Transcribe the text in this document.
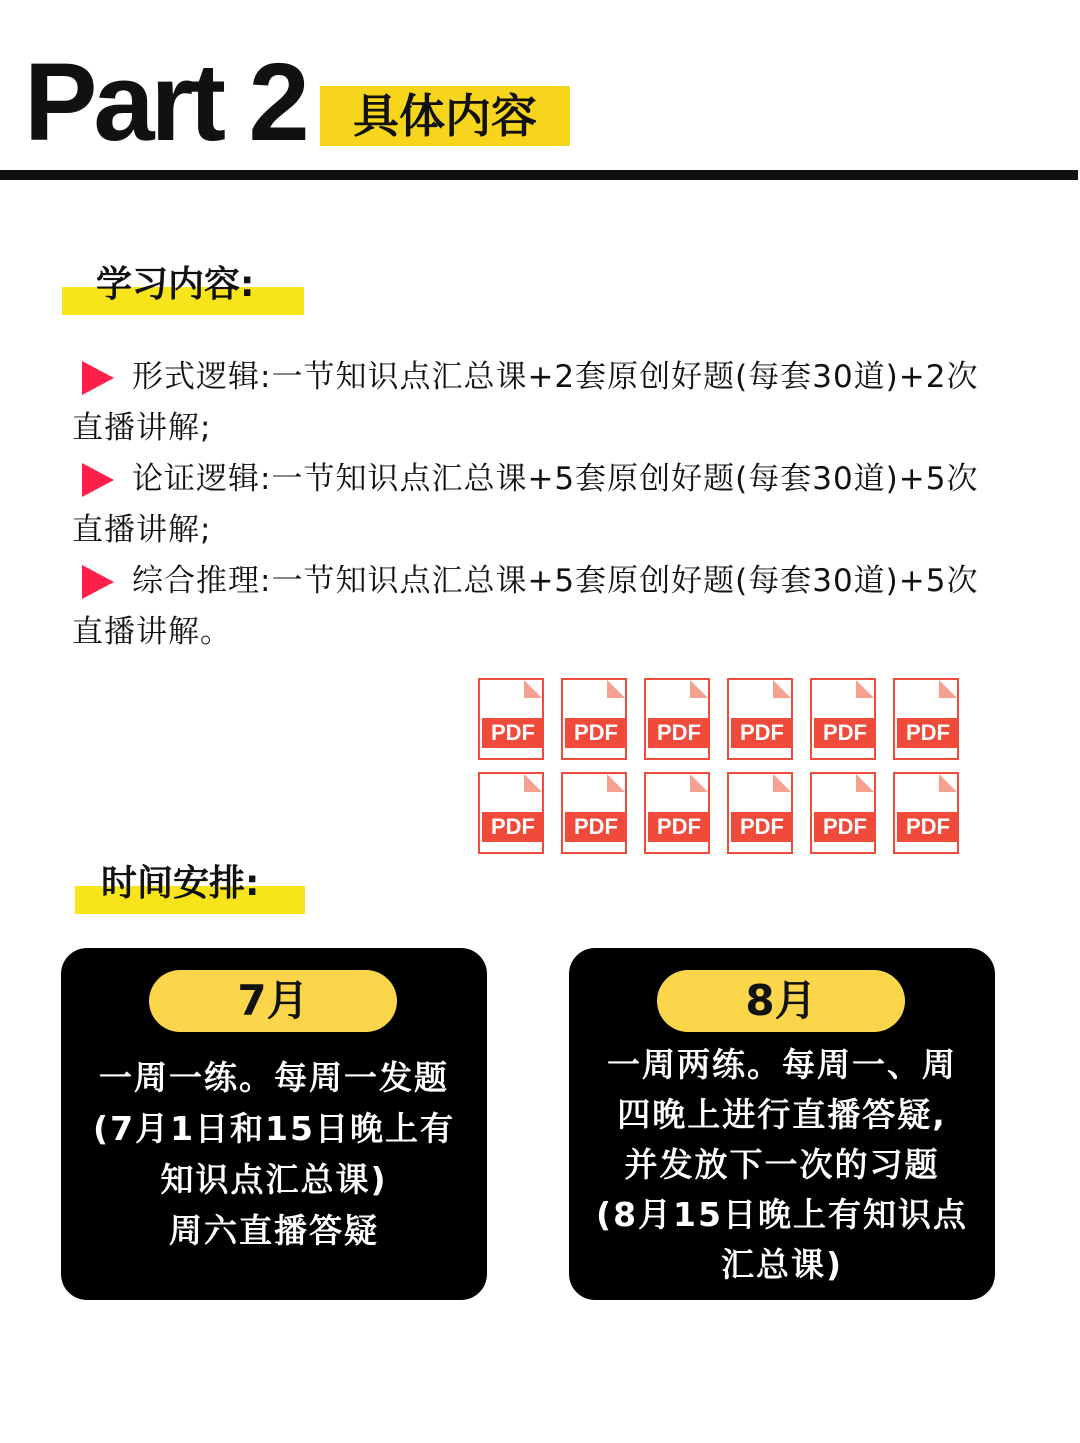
Part 2	具体内容
学习内容:
形式逻辑:一节知识点汇总课+2套原创好题(每套30道)+2次直播讲解;
论证逻辑:一节知识点汇总课+5套原创好题(每套30道)+5次直播讲解;
综合推理:一节知识点汇总课+5套原创好题(每套30道)+5次直播讲解。
PDF	PDF	PDF	PDF	PDF	PDF
PDF	PDF	PDF	PDF	PDF	PDF
时间安排:
7月
一周一练。每周一发题
(7月1日和15日晚上有
知识点汇总课)
周六直播答疑
8月
一周两练。每周一、周
四晚上进行直播答疑,
并发放下一次的习题
(8月15日晚上有知识点
汇总课)
